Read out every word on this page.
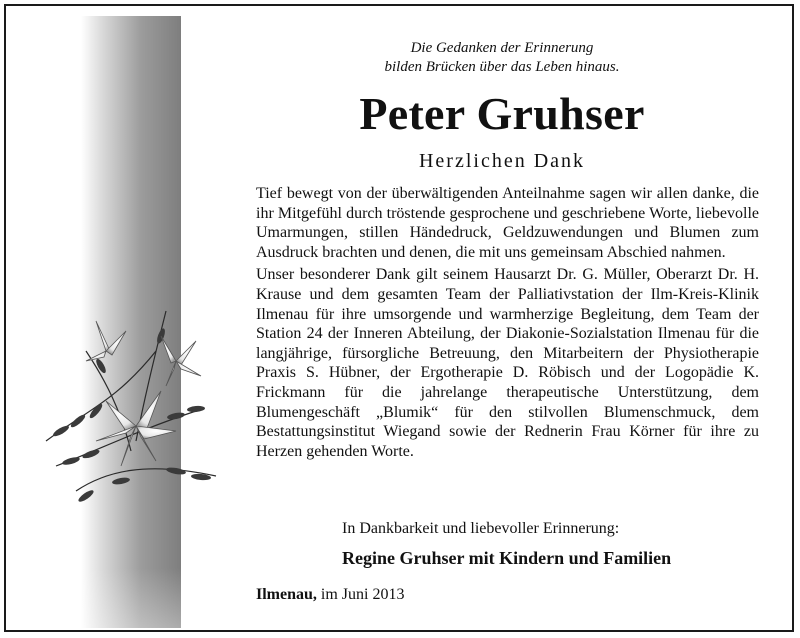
Die Gedanken der Erinnerung
bilden Brücken über das Leben hinaus.
Peter Gruhser
Herzlichen Dank

Tief bewegt von der überwältigenden Anteilnahme sagen wir allen danke, die ihr Mitgefühl durch tröstende gesprochene und geschriebene Worte, liebevolle Umarmungen, stillen Händedruck, Geldzuwendungen und Blumen zum Ausdruck brachten und denen, die mit uns gemeinsam Abschied nahmen.

Unser besonderer Dank gilt seinem Hausarzt Dr. G. Müller, Oberarzt Dr. H. Krause und dem gesamten Team der Palliativstation der Ilm-Kreis-Klinik Ilmenau für ihre umsorgende und warmherzige Begleitung, dem Team der Station 24 der Inneren Abteilung, der Diakonie-Sozialstation Ilmenau für die langjährige, fürsorgliche Betreuung, den Mitarbeitern der Physiotherapie Praxis S. Hübner, der Ergotherapie D. Röbisch und der Logopädie K. Frickmann für die jahrelange therapeutische Unterstützung, dem Blumengeschäft „Blumik“ für den stilvollen Blumenschmuck, dem Bestattungsinstitut Wiegand sowie der Rednerin Frau Körner für ihre zu Herzen gehenden Worte.

In Dankbarkeit und liebevoller Erinnerung:
Regine Gruhser mit Kindern und Familien
Ilmenau, im Juni 2013
